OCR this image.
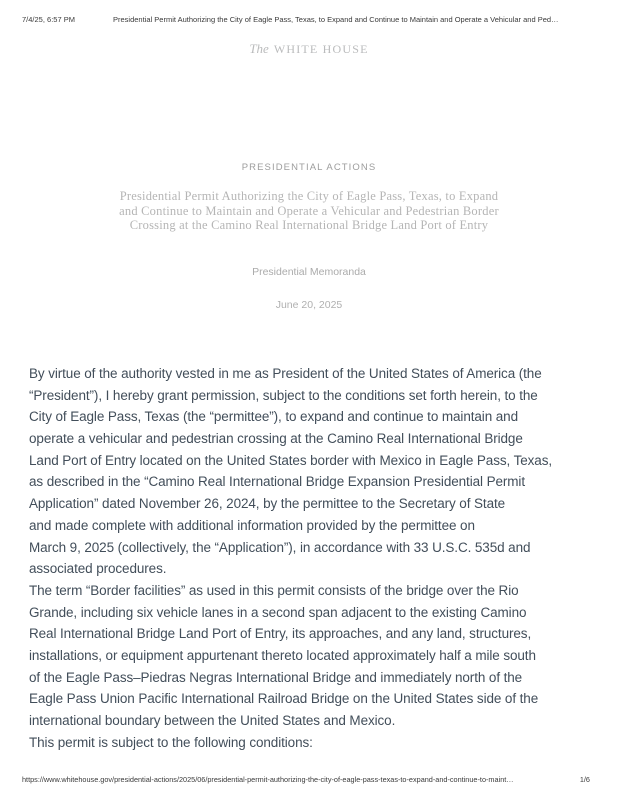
7/4/25, 6:57 PM	Presidential Permit Authorizing the City of Eagle Pass, Texas, to Expand and Continue to Maintain and Operate a Vehicular and Ped…
The WHITE HOUSE
PRESIDENTIAL ACTIONS
Presidential Permit Authorizing the City of Eagle Pass, Texas, to Expand
and Continue to Maintain and Operate a Vehicular and Pedestrian Border
Crossing at the Camino Real International Bridge Land Port of Entry
Presidential Memoranda
June 20, 2025
By virtue of the authority vested in me as President of the United States of America (the
“President”), I hereby grant permission, subject to the conditions set forth herein, to the
City of Eagle Pass, Texas (the “permittee”), to expand and continue to maintain and
operate a vehicular and pedestrian crossing at the Camino Real International Bridge
Land Port of Entry located on the United States border with Mexico in Eagle Pass, Texas,
as described in the “Camino Real International Bridge Expansion Presidential Permit
Application” dated November 26, 2024, by the permittee to the Secretary of State
and made complete with additional information provided by the permittee on
March 9, 2025 (collectively, the “Application”), in accordance with 33 U.S.C. 535d and
associated procedures.
The term “Border facilities” as used in this permit consists of the bridge over the Rio
Grande, including six vehicle lanes in a second span adjacent to the existing Camino
Real International Bridge Land Port of Entry, its approaches, and any land, structures,
installations, or equipment appurtenant thereto located approximately half a mile south
of the Eagle Pass–Piedras Negras International Bridge and immediately north of the
Eagle Pass Union Pacific International Railroad Bridge on the United States side of the
international boundary between the United States and Mexico.
This permit is subject to the following conditions:
https://www.whitehouse.gov/presidential-actions/2025/06/presidential-permit-authorizing-the-city-of-eagle-pass-texas-to-expand-and-continue-to-maint…	1/6
